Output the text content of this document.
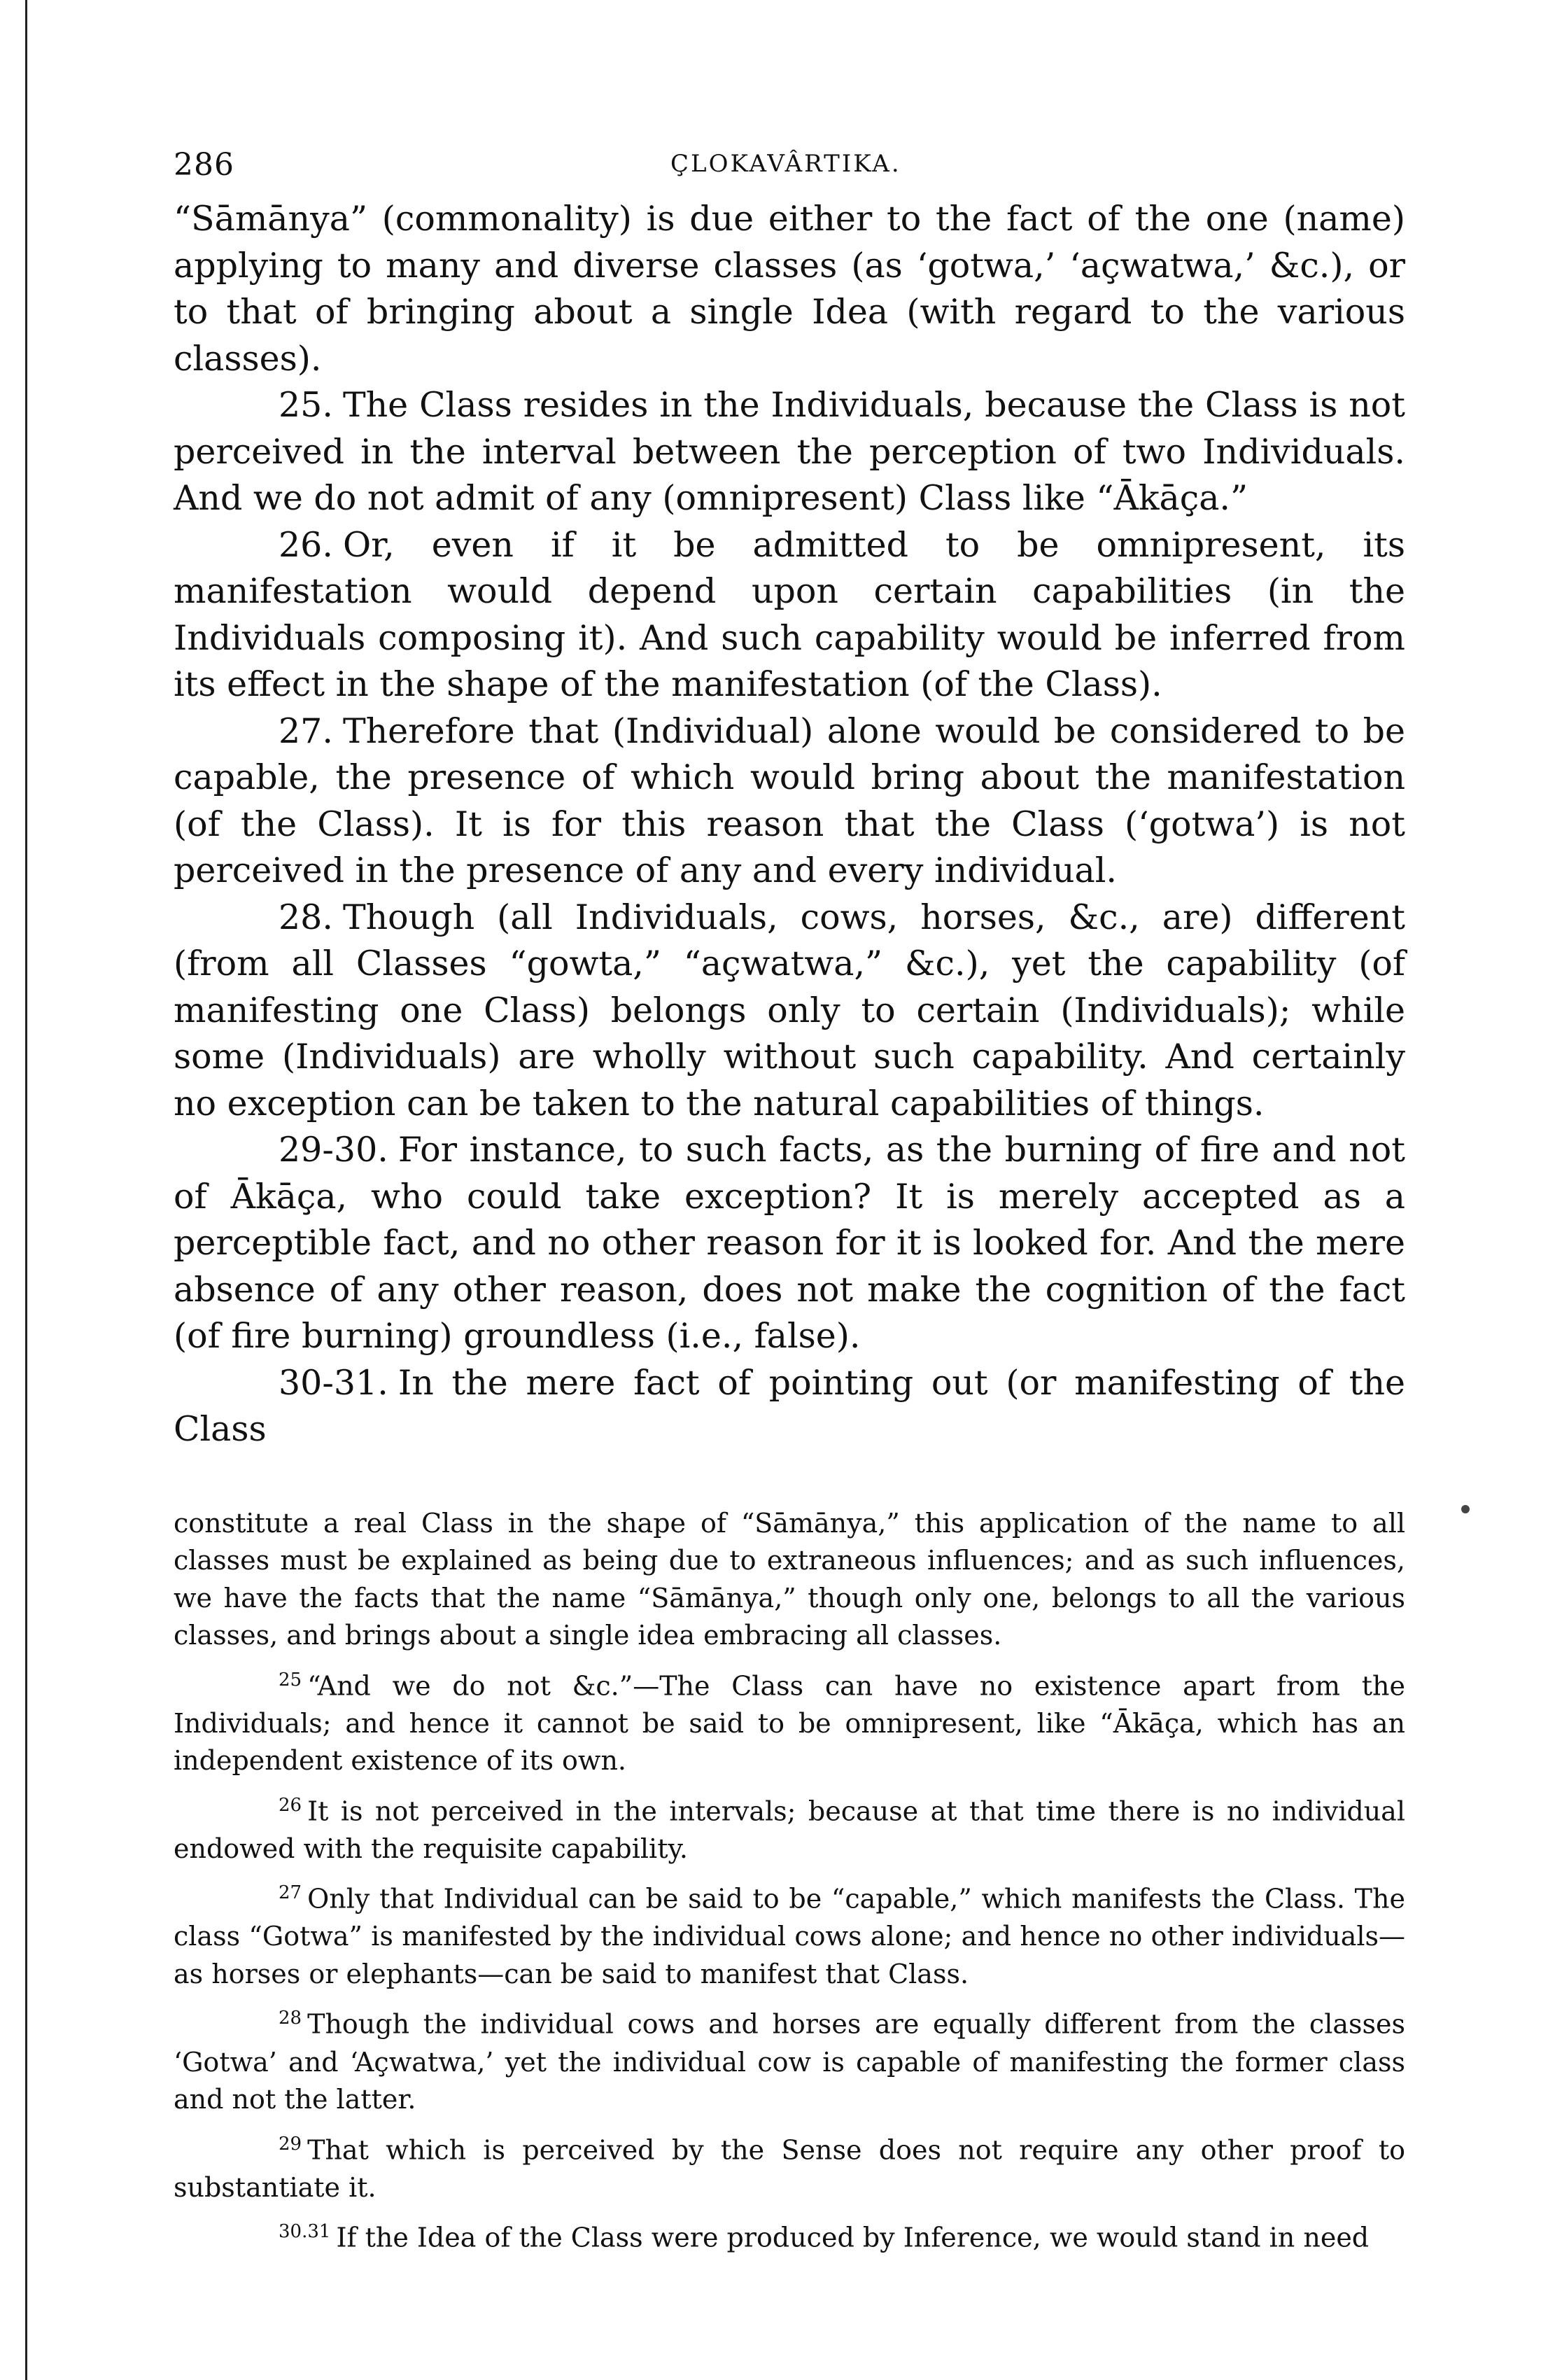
286	ÇLOKAVÂRTIKA.

“Sāmānya” (commonality) is due either to the fact of the one (name) applying to many and diverse classes (as ‘gotwa,’ ‘açwatwa,’ &c.), or to that of bringing about a single Idea (with regard to the various classes).

25. The Class resides in the Individuals, because the Class is not perceived in the interval between the perception of two Individuals. And we do not admit of any (omnipresent) Class like “Ākāça.”

26. Or, even if it be admitted to be omnipresent, its manifestation would depend upon certain capabilities (in the Individuals composing it). And such capability would be inferred from its effect in the shape of the manifestation (of the Class).

27. Therefore that (Individual) alone would be considered to be capable, the presence of which would bring about the manifestation (of the Class). It is for this reason that the Class (‘gotwa’) is not perceived in the presence of any and every individual.

28. Though (all Individuals, cows, horses, &c., are) different (from all Classes “gowta,” “açwatwa,” &c.), yet the capability (of manifesting one Class) belongs only to certain (Individuals); while some (Individuals) are wholly without such capability. And certainly no exception can be taken to the natural capabilities of things.

29-30. For instance, to such facts, as the burning of fire and not of Ākāça, who could take exception? It is merely accepted as a perceptible fact, and no other reason for it is looked for. And the mere absence of any other reason, does not make the cognition of the fact (of fire burning) groundless (i.e., false).

30-31. In the mere fact of pointing out (or manifesting of the Class

constitute a real Class in the shape of “Sāmānya,” this application of the name to all classes must be explained as being due to extraneous influences; and as such influences, we have the facts that the name “Sāmānya,” though only one, belongs to all the various classes, and brings about a single idea embracing all classes.

$^{25}$ “And we do not &c.”—The Class can have no existence apart from the Individuals; and hence it cannot be said to be omnipresent, like “Ākāça, which has an independent existence of its own.

$^{26}$ It is not perceived in the intervals; because at that time there is no individual endowed with the requisite capability.

$^{27}$ Only that Individual can be said to be “capable,” which manifests the Class. The class “Gotwa” is manifested by the individual cows alone; and hence no other individuals—as horses or elephants—can be said to manifest that Class.

$^{28}$ Though the individual cows and horses are equally different from the classes ‘Gotwa’ and ‘Açwatwa,’ yet the individual cow is capable of manifesting the former class and not the latter.

$^{29}$ That which is perceived by the Sense does not require any other proof to substantiate it.

$^{30.31}$ If the Idea of the Class were produced by Inference, we would stand in need
